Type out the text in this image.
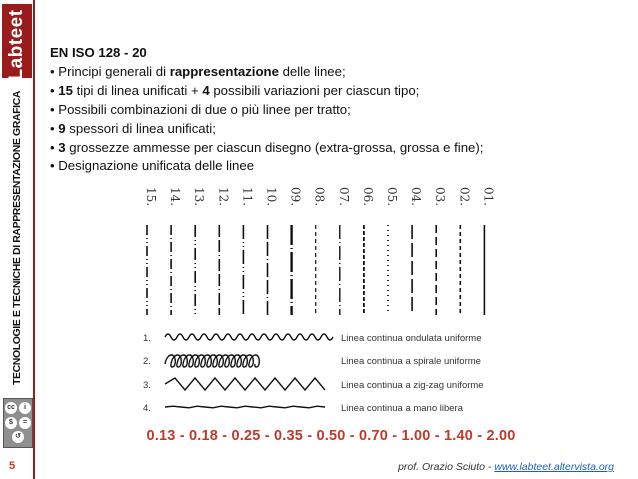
Labteet
TECNOLOGIE E TECNICHE DI RAPPRESENTAZIONE GRAFICA
cc	i
$	=
↺
5
EN ISO 128 - 20
• Principi generali di rappresentazione delle linee;
• 15 tipi di linea unificati + 4 possibili variazioni per ciascun tipo;
• Possibili combinazioni di due o più linee per tratto;
• 9 spessori di linea unificati;
• 3 grossezze ammesse per ciascun disegno (extra-grossa, grossa e fine);
• Designazione unificata delle linee
15. 14. 13. 12. 11. 10. 09. 08. 07. 06. 05. 04. 03. 02. 01.
1.	Linea continua ondulata uniforme
2.	Linea continua a spirale uniforme
3.	Linea continua a zig-zag uniforme
4.	Linea continua a mano libera
0.13 - 0.18 - 0.25 - 0.35 - 0.50 - 0.70 - 1.00 - 1.40 - 2.00
prof. Orazio Sciuto - www.labteet.altervista.org
